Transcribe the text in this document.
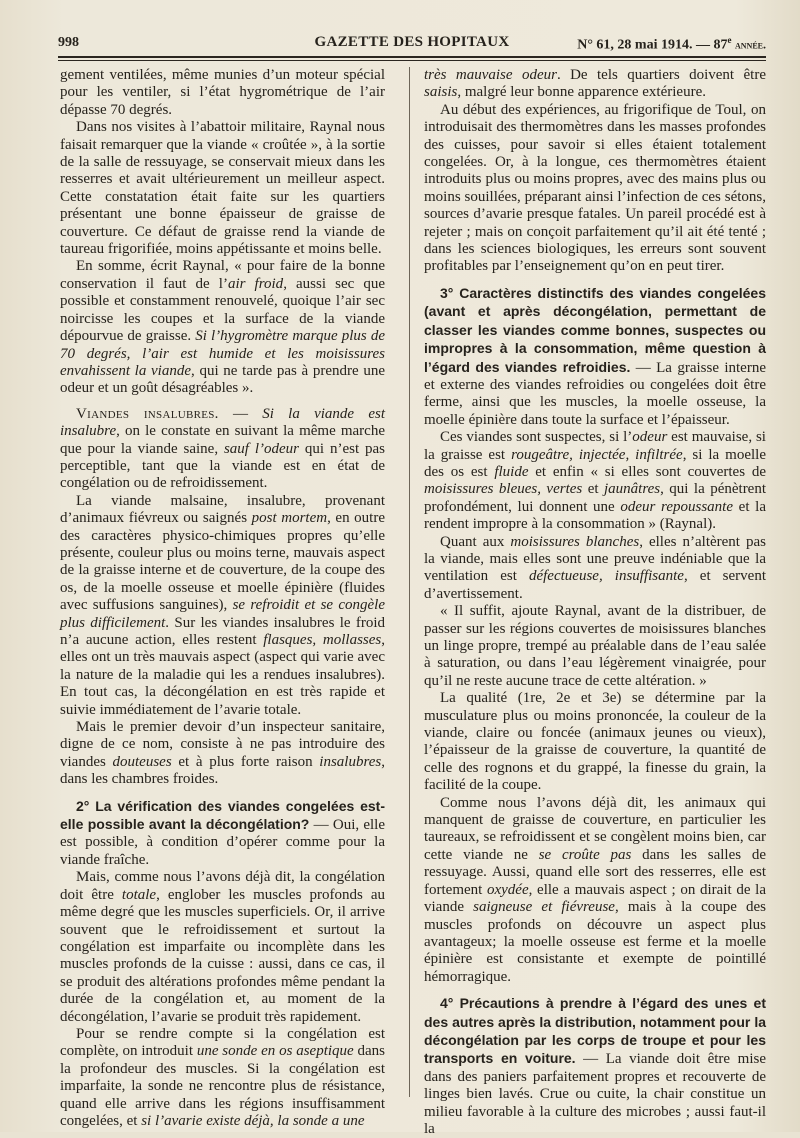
998	GAZETTE DES HOPITAUX	N° 61, 28 mai 1914. — 87e année.

gement ventilées, même munies d’un moteur spécial pour les ventiler, si l’état hygrométrique de l’air dépasse 70 degrés.

Dans nos visites à l’abattoir militaire, Raynal nous faisait remarquer que la viande « croûtée », à la sortie de la salle de ressuyage, se conservait mieux dans les resserres et avait ultérieurement un meilleur aspect. Cette constatation était faite sur les quartiers présentant une bonne épaisseur de graisse de couverture. Ce défaut de graisse rend la viande de taureau frigorifiée, moins appétissante et moins belle.

En somme, écrit Raynal, « pour faire de la bonne conservation il faut de l’air froid, aussi sec que possible et constamment renouvelé, quoique l’air sec noircisse les coupes et la surface de la viande dépourvue de graisse. Si l’hygromètre marque plus de 70 degrés, l’air est humide et les moisissures envahissent la viande, qui ne tarde pas à prendre une odeur et un goût désagréables ».

Viandes insalubres. — Si la viande est insalubre, on le constate en suivant la même marche que pour la viande saine, sauf l’odeur qui n’est pas perceptible, tant que la viande est en état de congélation ou de refroidissement.

La viande malsaine, insalubre, provenant d’animaux fiévreux ou saignés post mortem, en outre des caractères physico-chimiques propres qu’elle présente, couleur plus ou moins terne, mauvais aspect de la graisse interne et de couverture, de la coupe des os, de la moelle osseuse et moelle épinière (fluides avec suffusions sanguines), se refroidit et se congèle plus difficilement. Sur les viandes insalubres le froid n’a aucune action, elles restent flasques, mollasses, elles ont un très mauvais aspect (aspect qui varie avec la nature de la maladie qui les a rendues insalubres). En tout cas, la décongélation en est très rapide et suivie immédiatement de l’avarie totale.

Mais le premier devoir d’un inspecteur sanitaire, digne de ce nom, consiste à ne pas introduire des viandes douteuses et à plus forte raison insalubres, dans les chambres froides.

2° La vérification des viandes congelées est-elle possible avant la décongélation? — Oui, elle est possible, à condition d’opérer comme pour la viande fraîche.

Mais, comme nous l’avons déjà dit, la congélation doit être totale, englober les muscles profonds au même degré que les muscles superficiels. Or, il arrive souvent que le refroidissement et surtout la congélation est imparfaite ou incomplète dans les muscles profonds de la cuisse : aussi, dans ce cas, il se produit des altérations profondes même pendant la durée de la congélation et, au moment de la décongélation, l’avarie se produit très rapidement.

Pour se rendre compte si la congélation est complète, on introduit une sonde en os aseptique dans la profondeur des muscles. Si la congélation est imparfaite, la sonde ne rencontre plus de résistance, quand elle arrive dans les régions insuffisamment congelées, et si l’avarie existe déjà, la sonde a une

très mauvaise odeur. De tels quartiers doivent être saisis, malgré leur bonne apparence extérieure.

Au début des expériences, au frigorifique de Toul, on introduisait des thermomètres dans les masses profondes des cuisses, pour savoir si elles étaient totalement congelées. Or, à la longue, ces thermomètres étaient introduits plus ou moins propres, avec des mains plus ou moins souillées, préparant ainsi l’infection de ces sétons, sources d’avarie presque fatales. Un pareil procédé est à rejeter ; mais on conçoit parfaitement qu’il ait été tenté ; dans les sciences biologiques, les erreurs sont souvent profitables par l’enseignement qu’on en peut tirer.

3° Caractères distinctifs des viandes congelées (avant et après décongélation, permettant de classer les viandes comme bonnes, suspectes ou impropres à la consommation, même question à l’égard des viandes refroidies. — La graisse interne et externe des viandes refroidies ou congelées doit être ferme, ainsi que les muscles, la moelle osseuse, la moelle épinière dans toute la surface et l’épaisseur.

Ces viandes sont suspectes, si l’odeur est mauvaise, si la graisse est rougeâtre, injectée, infiltrée, si la moelle des os est fluide et enfin « si elles sont couvertes de moisissures bleues, vertes et jaunâtres, qui la pénètrent profondément, lui donnent une odeur repoussante et la rendent impropre à la consommation » (Raynal).

Quant aux moisissures blanches, elles n’altèrent pas la viande, mais elles sont une preuve indéniable que la ventilation est défectueuse, insuffisante, et servent d’avertissement.

« Il suffit, ajoute Raynal, avant de la distribuer, de passer sur les régions couvertes de moisissures blanches un linge propre, trempé au préalable dans de l’eau salée à saturation, ou dans l’eau légèrement vinaigrée, pour qu’il ne reste aucune trace de cette altération. »

La qualité (1re, 2e et 3e) se détermine par la musculature plus ou moins prononcée, la couleur de la viande, claire ou foncée (animaux jeunes ou vieux), l’épaisseur de la graisse de couverture, la quantité de celle des rognons et du grappé, la finesse du grain, la facilité de la coupe.

Comme nous l’avons déjà dit, les animaux qui manquent de graisse de couverture, en particulier les taureaux, se refroidissent et se congèlent moins bien, car cette viande ne se croûte pas dans les salles de ressuyage. Aussi, quand elle sort des resserres, elle est fortement oxydée, elle a mauvais aspect ; on dirait de la viande saigneuse et fiévreuse, mais à la coupe des muscles profonds on découvre un aspect plus avantageux; la moelle osseuse est ferme et la moelle épinière est consistante et exempte de pointillé hémorragique.

4° Précautions à prendre à l’égard des unes et des autres après la distribution, notamment pour la décongélation par les corps de troupe et pour les transports en voiture. — La viande doit être mise dans des paniers parfaitement propres et recouverte de linges bien lavés. Crue ou cuite, la chair constitue un milieu favorable à la culture des microbes ; aussi faut-il la
